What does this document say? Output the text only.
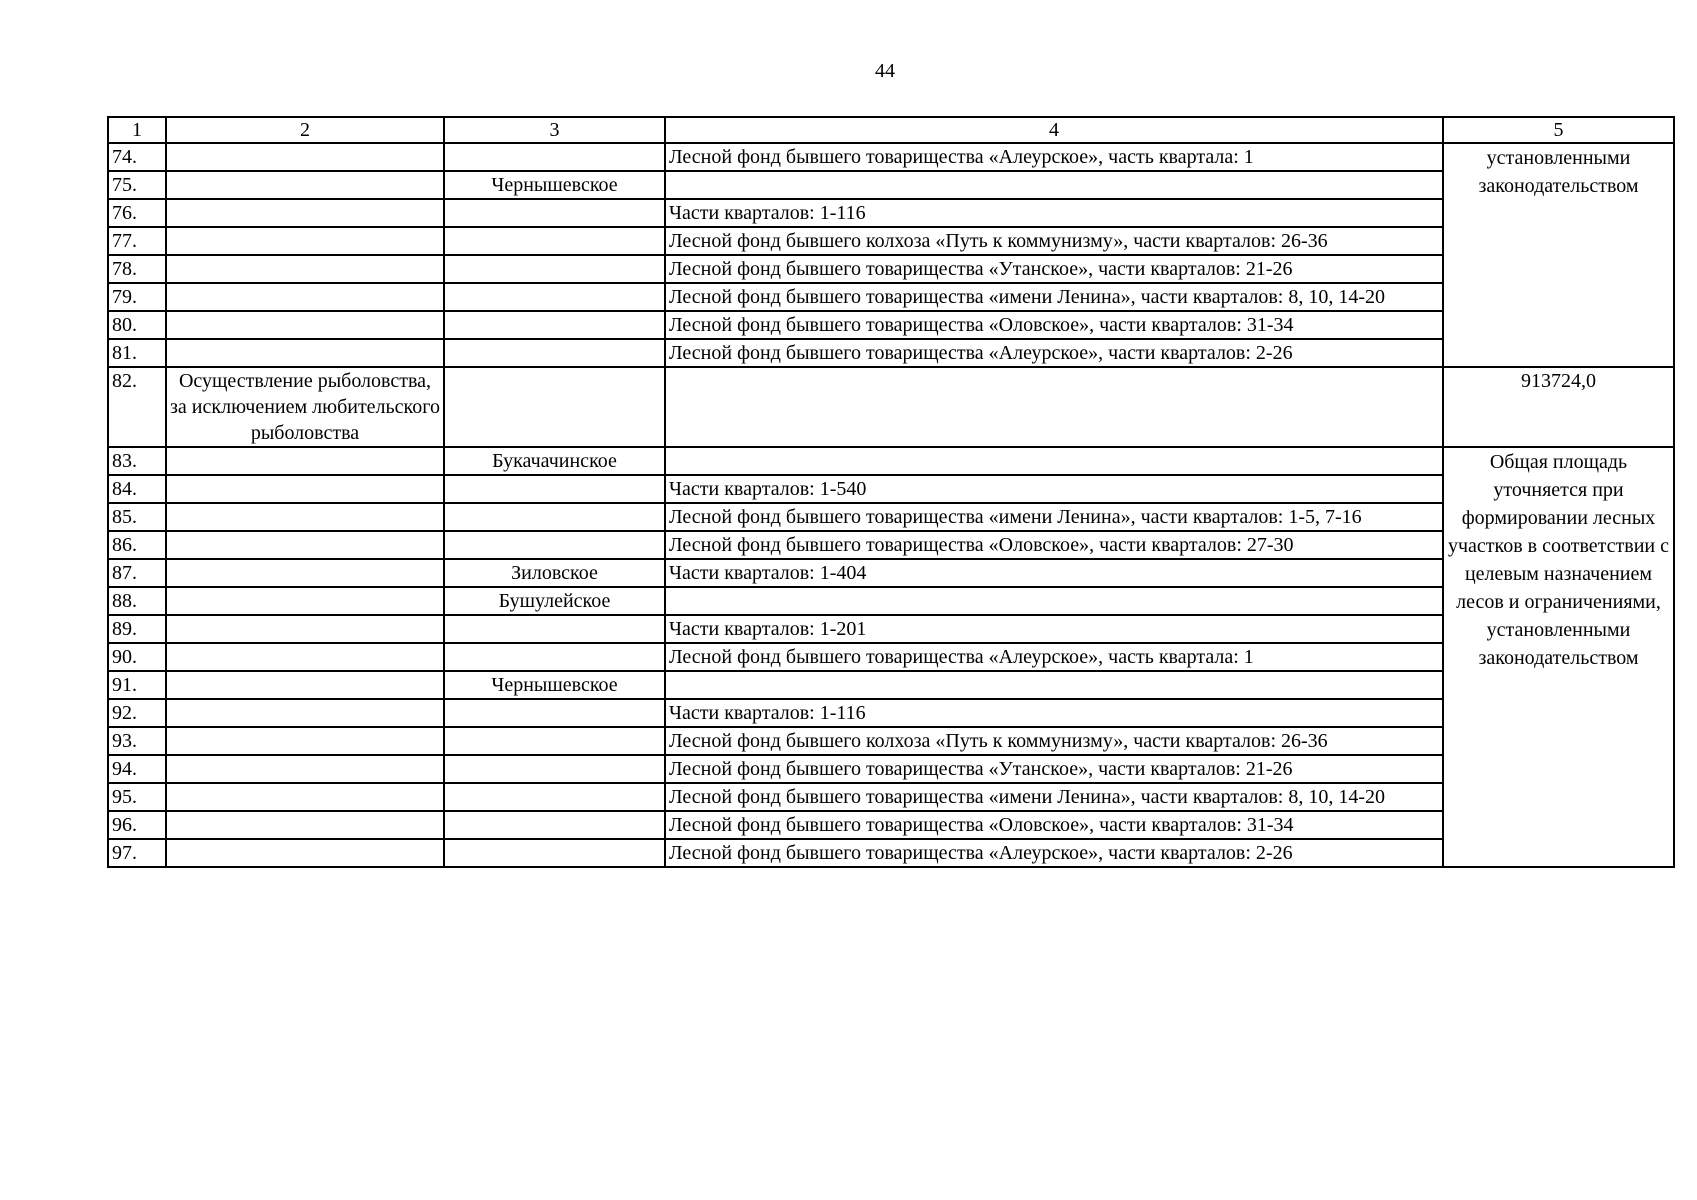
44
1	2	3	4	5
74.			Лесной фонд бывшего товарищества «Алеурское», часть квартала: 1	установленными законодательством
75.		Чернышевское		
76.			Части кварталов: 1-116	
77.			Лесной фонд бывшего колхоза «Путь к коммунизму», части кварталов: 26-36	
78.			Лесной фонд бывшего товарищества «Утанское», части кварталов: 21-26	
79.			Лесной фонд бывшего товарищества «имени Ленина», части кварталов: 8, 10, 14-20	
80.			Лесной фонд бывшего товарищества «Оловское», части кварталов: 31-34	
81.			Лесной фонд бывшего товарищества «Алеурское», части кварталов: 2-26	
82.	Осуществление рыболовства, за исключением любительского рыболовства			913724,0
83.		Букачачинское		Общая площадь уточняется при формировании лесных участков в соответствии с целевым назначением лесов и ограничениями, установленными законодательством
84.			Части кварталов: 1-540	
85.			Лесной фонд бывшего товарищества «имени Ленина», части кварталов: 1-5, 7-16	
86.			Лесной фонд бывшего товарищества «Оловское», части кварталов: 27-30	
87.		Зиловское	Части кварталов: 1-404	
88.		Бушулейское		
89.			Части кварталов: 1-201	
90.			Лесной фонд бывшего товарищества «Алеурское», часть квартала: 1	
91.		Чернышевское		
92.			Части кварталов: 1-116	
93.			Лесной фонд бывшего колхоза «Путь к коммунизму», части кварталов: 26-36	
94.			Лесной фонд бывшего товарищества «Утанское», части кварталов: 21-26	
95.			Лесной фонд бывшего товарищества «имени Ленина», части кварталов: 8, 10, 14-20	
96.			Лесной фонд бывшего товарищества «Оловское», части кварталов: 31-34	
97.			Лесной фонд бывшего товарищества «Алеурское», части кварталов: 2-26	
